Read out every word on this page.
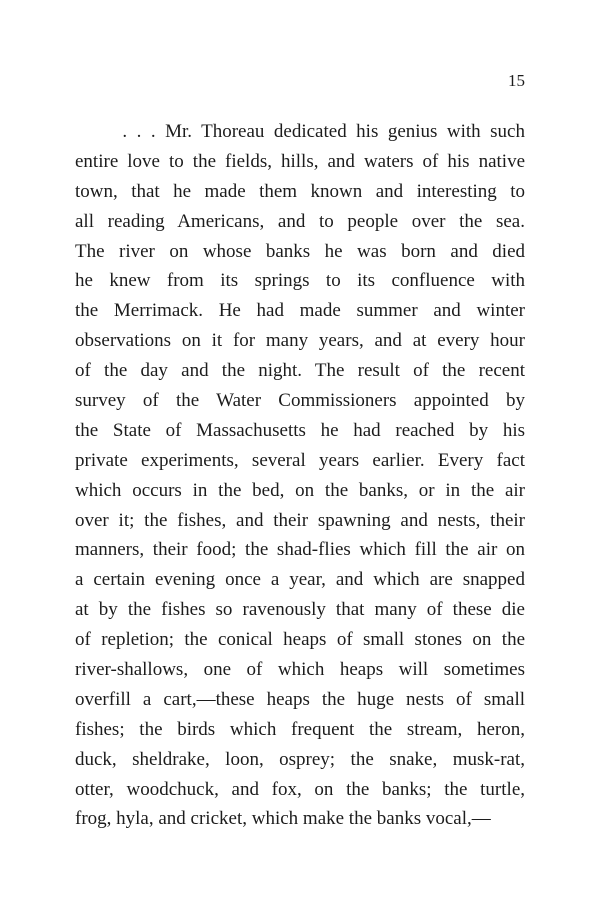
15

. . . Mr. Thoreau dedicated his genius with such
entire love to the fields, hills, and waters of his native
town, that he made them known and interesting to
all reading Americans, and to people over the sea.
The river on whose banks he was born and died
he knew from its springs to its confluence with
the Merrimack. He had made summer and winter
observations on it for many years, and at every hour
of the day and the night. The result of the recent
survey of the Water Commissioners appointed by
the State of Massachusetts he had reached by his
private experiments, several years earlier. Every fact
which occurs in the bed, on the banks, or in the air
over it; the fishes, and their spawning and nests, their
manners, their food; the shad-flies which fill the air on
a certain evening once a year, and which are snapped
at by the fishes so ravenously that many of these die
of repletion; the conical heaps of small stones on the
river-shallows, one of which heaps will sometimes
overfill a cart,—these heaps the huge nests of small
fishes; the birds which frequent the stream, heron,
duck, sheldrake, loon, osprey; the snake, musk-rat,
otter, woodchuck, and fox, on the banks; the turtle,
frog, hyla, and cricket, which make the banks vocal,—
